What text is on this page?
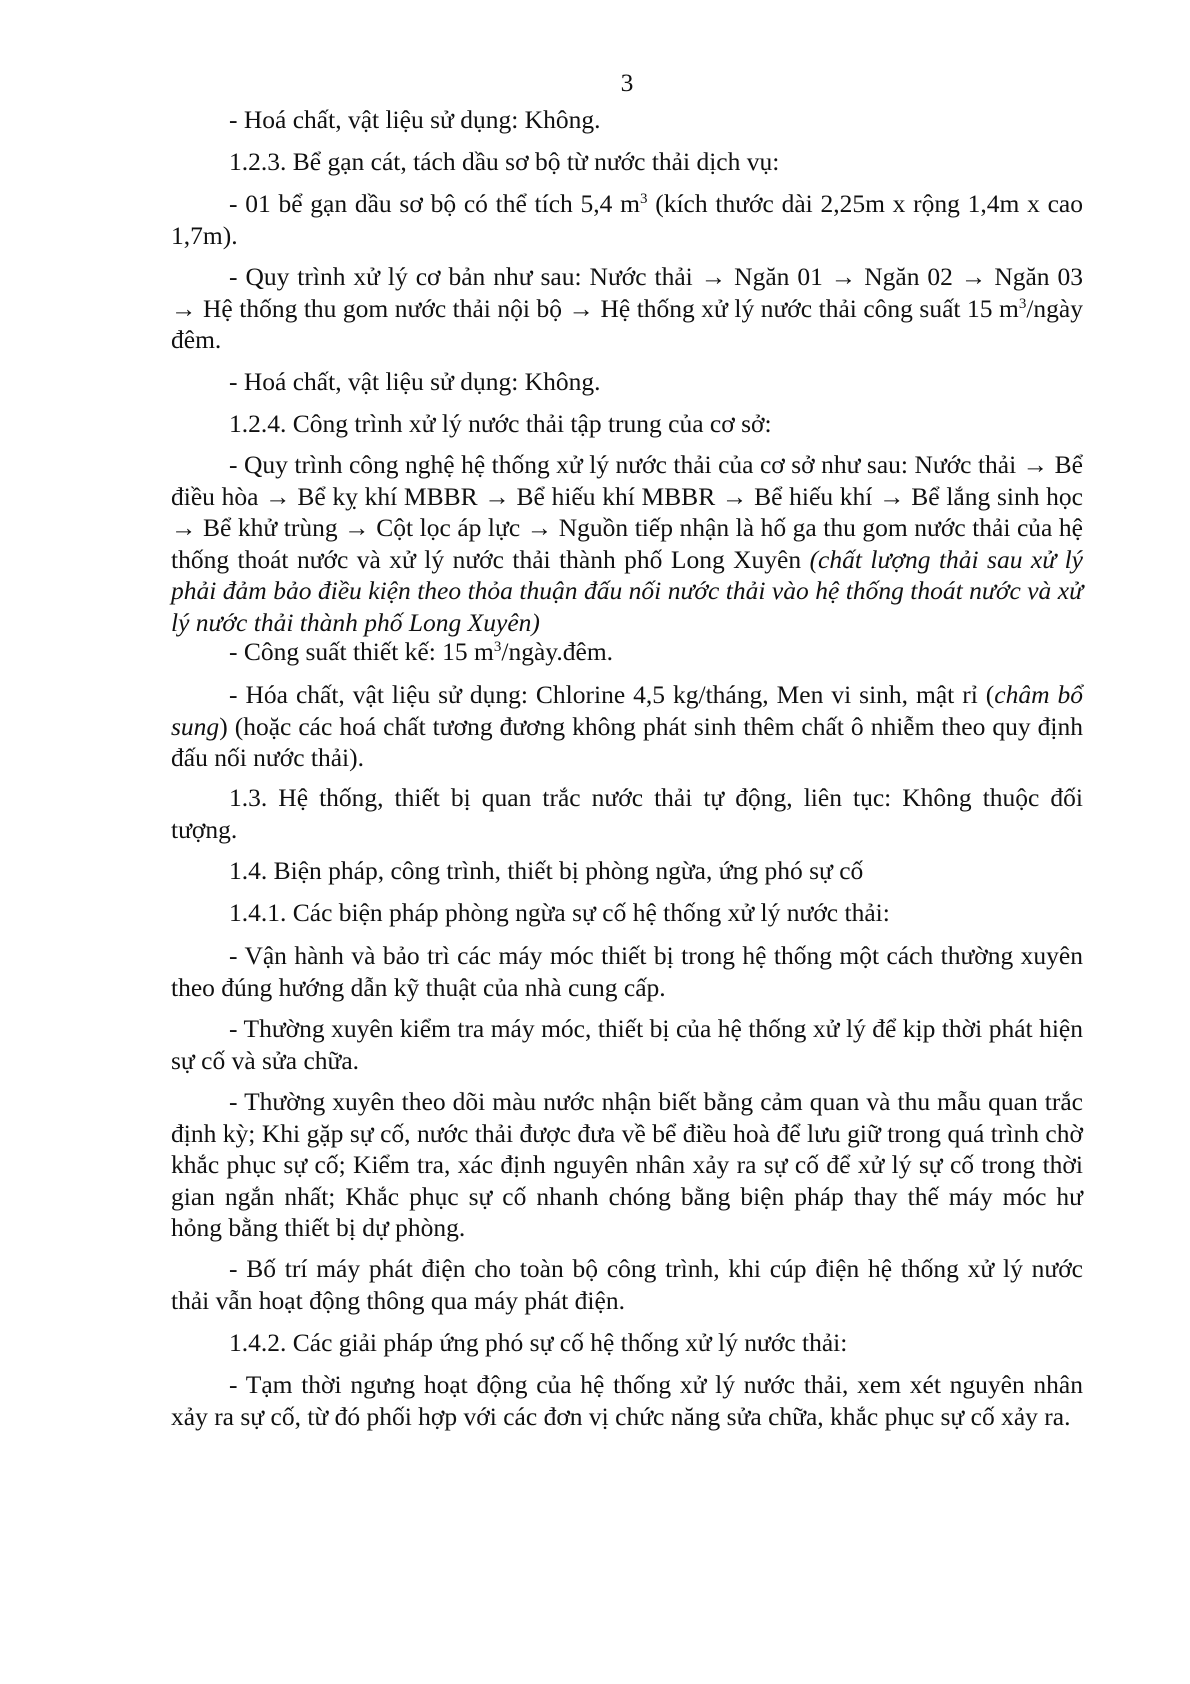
3

- Hoá chất, vật liệu sử dụng: Không.

1.2.3. Bể gạn cát, tách dầu sơ bộ từ nước thải dịch vụ:

- 01 bể gạn dầu sơ bộ có thể tích 5,4 $m^3$ (kích thước dài 2,25m x rộng 1,4m x cao 1,7m).

- Quy trình xử lý cơ bản như sau: Nước thải → Ngăn 01 → Ngăn 02 → Ngăn 03 → Hệ thống thu gom nước thải nội bộ → Hệ thống xử lý nước thải công suất 15 $m^3$/ngày đêm.

- Hoá chất, vật liệu sử dụng: Không.

1.2.4. Công trình xử lý nước thải tập trung của cơ sở:

- Quy trình công nghệ hệ thống xử lý nước thải của cơ sở như sau: Nước thải → Bể điều hòa → Bể kỵ khí MBBR → Bể hiếu khí MBBR → Bể hiếu khí → Bể lắng sinh học → Bể khử trùng → Cột lọc áp lực → Nguồn tiếp nhận là hố ga thu gom nước thải của hệ thống thoát nước và xử lý nước thải thành phố Long Xuyên (chất lượng thải sau xử lý phải đảm bảo điều kiện theo thỏa thuận đấu nối nước thải vào hệ thống thoát nước và xử lý nước thải thành phố Long Xuyên)

- Công suất thiết kế: 15 $m^3/ngày.đêm$.

- Hóa chất, vật liệu sử dụng: Chlorine 4,5 kg/tháng, Men vi sinh, mật rỉ (châm bổ sung) (hoặc các hoá chất tương đương không phát sinh thêm chất ô nhiễm theo quy định đấu nối nước thải).

1.3. Hệ thống, thiết bị quan trắc nước thải tự động, liên tục: Không thuộc đối tượng.

1.4. Biện pháp, công trình, thiết bị phòng ngừa, ứng phó sự cố

1.4.1. Các biện pháp phòng ngừa sự cố hệ thống xử lý nước thải:

- Vận hành và bảo trì các máy móc thiết bị trong hệ thống một cách thường xuyên theo đúng hướng dẫn kỹ thuật của nhà cung cấp.

- Thường xuyên kiểm tra máy móc, thiết bị của hệ thống xử lý để kịp thời phát hiện sự cố và sửa chữa.

- Thường xuyên theo dõi màu nước nhận biết bằng cảm quan và thu mẫu quan trắc định kỳ; Khi gặp sự cố, nước thải được đưa về bể điều hoà để lưu giữ trong quá trình chờ khắc phục sự cố; Kiểm tra, xác định nguyên nhân xảy ra sự cố để xử lý sự cố trong thời gian ngắn nhất; Khắc phục sự cố nhanh chóng bằng biện pháp thay thế máy móc hư hỏng bằng thiết bị dự phòng.

- Bố trí máy phát điện cho toàn bộ công trình, khi cúp điện hệ thống xử lý nước thải vẫn hoạt động thông qua máy phát điện.

1.4.2. Các giải pháp ứng phó sự cố hệ thống xử lý nước thải:

- Tạm thời ngưng hoạt động của hệ thống xử lý nước thải, xem xét nguyên nhân xảy ra sự cố, từ đó phối hợp với các đơn vị chức năng sửa chữa, khắc phục sự cố xảy ra.
